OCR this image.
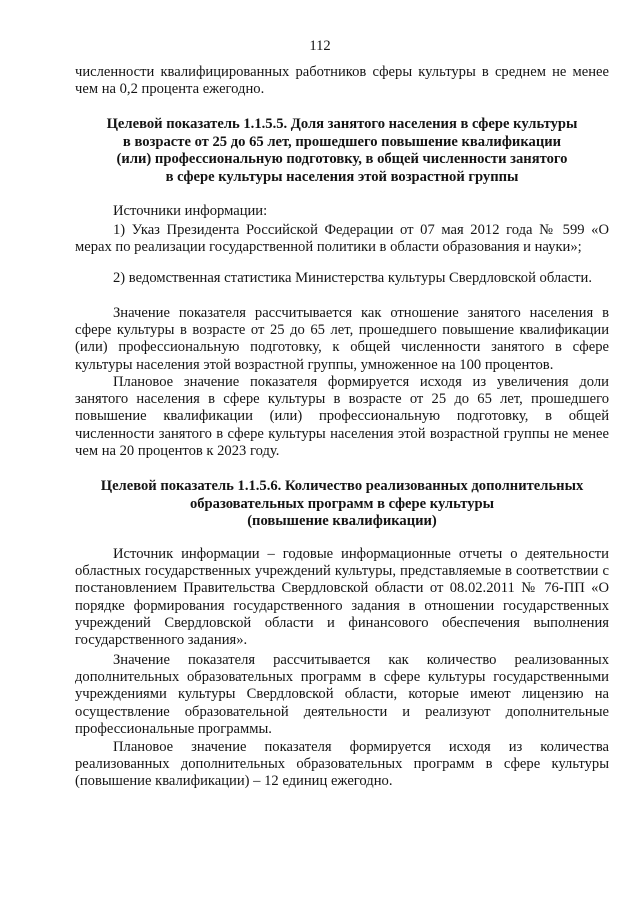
112

численности квалифицированных работников сферы культуры в среднем не менее чем на 0,2 процента ежегодно.

Целевой показатель 1.1.5.5. Доля занятого населения в сфере культуры
в возрасте от 25 до 65 лет, прошедшего повышение квалификации
(или) профессиональную подготовку, в общей численности занятого
в сфере культуры населения этой возрастной группы

Источники информации:

1) Указ Президента Российской Федерации от 07 мая 2012 года № 599 «О мерах по реализации государственной политики в области образования и науки»;

2) ведомственная статистика Министерства культуры Свердловской области.

Значение показателя рассчитывается как отношение занятого населения в сфере культуры в возрасте от 25 до 65 лет, прошедшего повышение квалификации (или) профессиональную подготовку, к общей численности занятого в сфере культуры населения этой возрастной группы, умноженное на 100 процентов.

Плановое значение показателя формируется исходя из увеличения доли занятого населения в сфере культуры в возрасте от 25 до 65 лет, прошедшего повышение квалификации (или) профессиональную подготовку, в общей численности занятого в сфере культуры населения этой возрастной группы не менее чем на 20 процентов к 2023 году.

Целевой показатель 1.1.5.6. Количество реализованных дополнительных
образовательных программ в сфере культуры
(повышение квалификации)

Источник информации – годовые информационные отчеты о деятельности областных государственных учреждений культуры, представляемые в соответствии с постановлением Правительства Свердловской области от 08.02.2011 № 76-ПП «О порядке формирования государственного задания в отношении государственных учреждений Свердловской области и финансового обеспечения выполнения государственного задания».

Значение показателя рассчитывается как количество реализованных дополнительных образовательных программ в сфере культуры государственными учреждениями культуры Свердловской области, которые имеют лицензию на осуществление образовательной деятельности и реализуют дополнительные профессиональные программы.

Плановое значение показателя формируется исходя из количества реализованных дополнительных образовательных программ в сфере культуры (повышение квалификации) – 12 единиц ежегодно.
